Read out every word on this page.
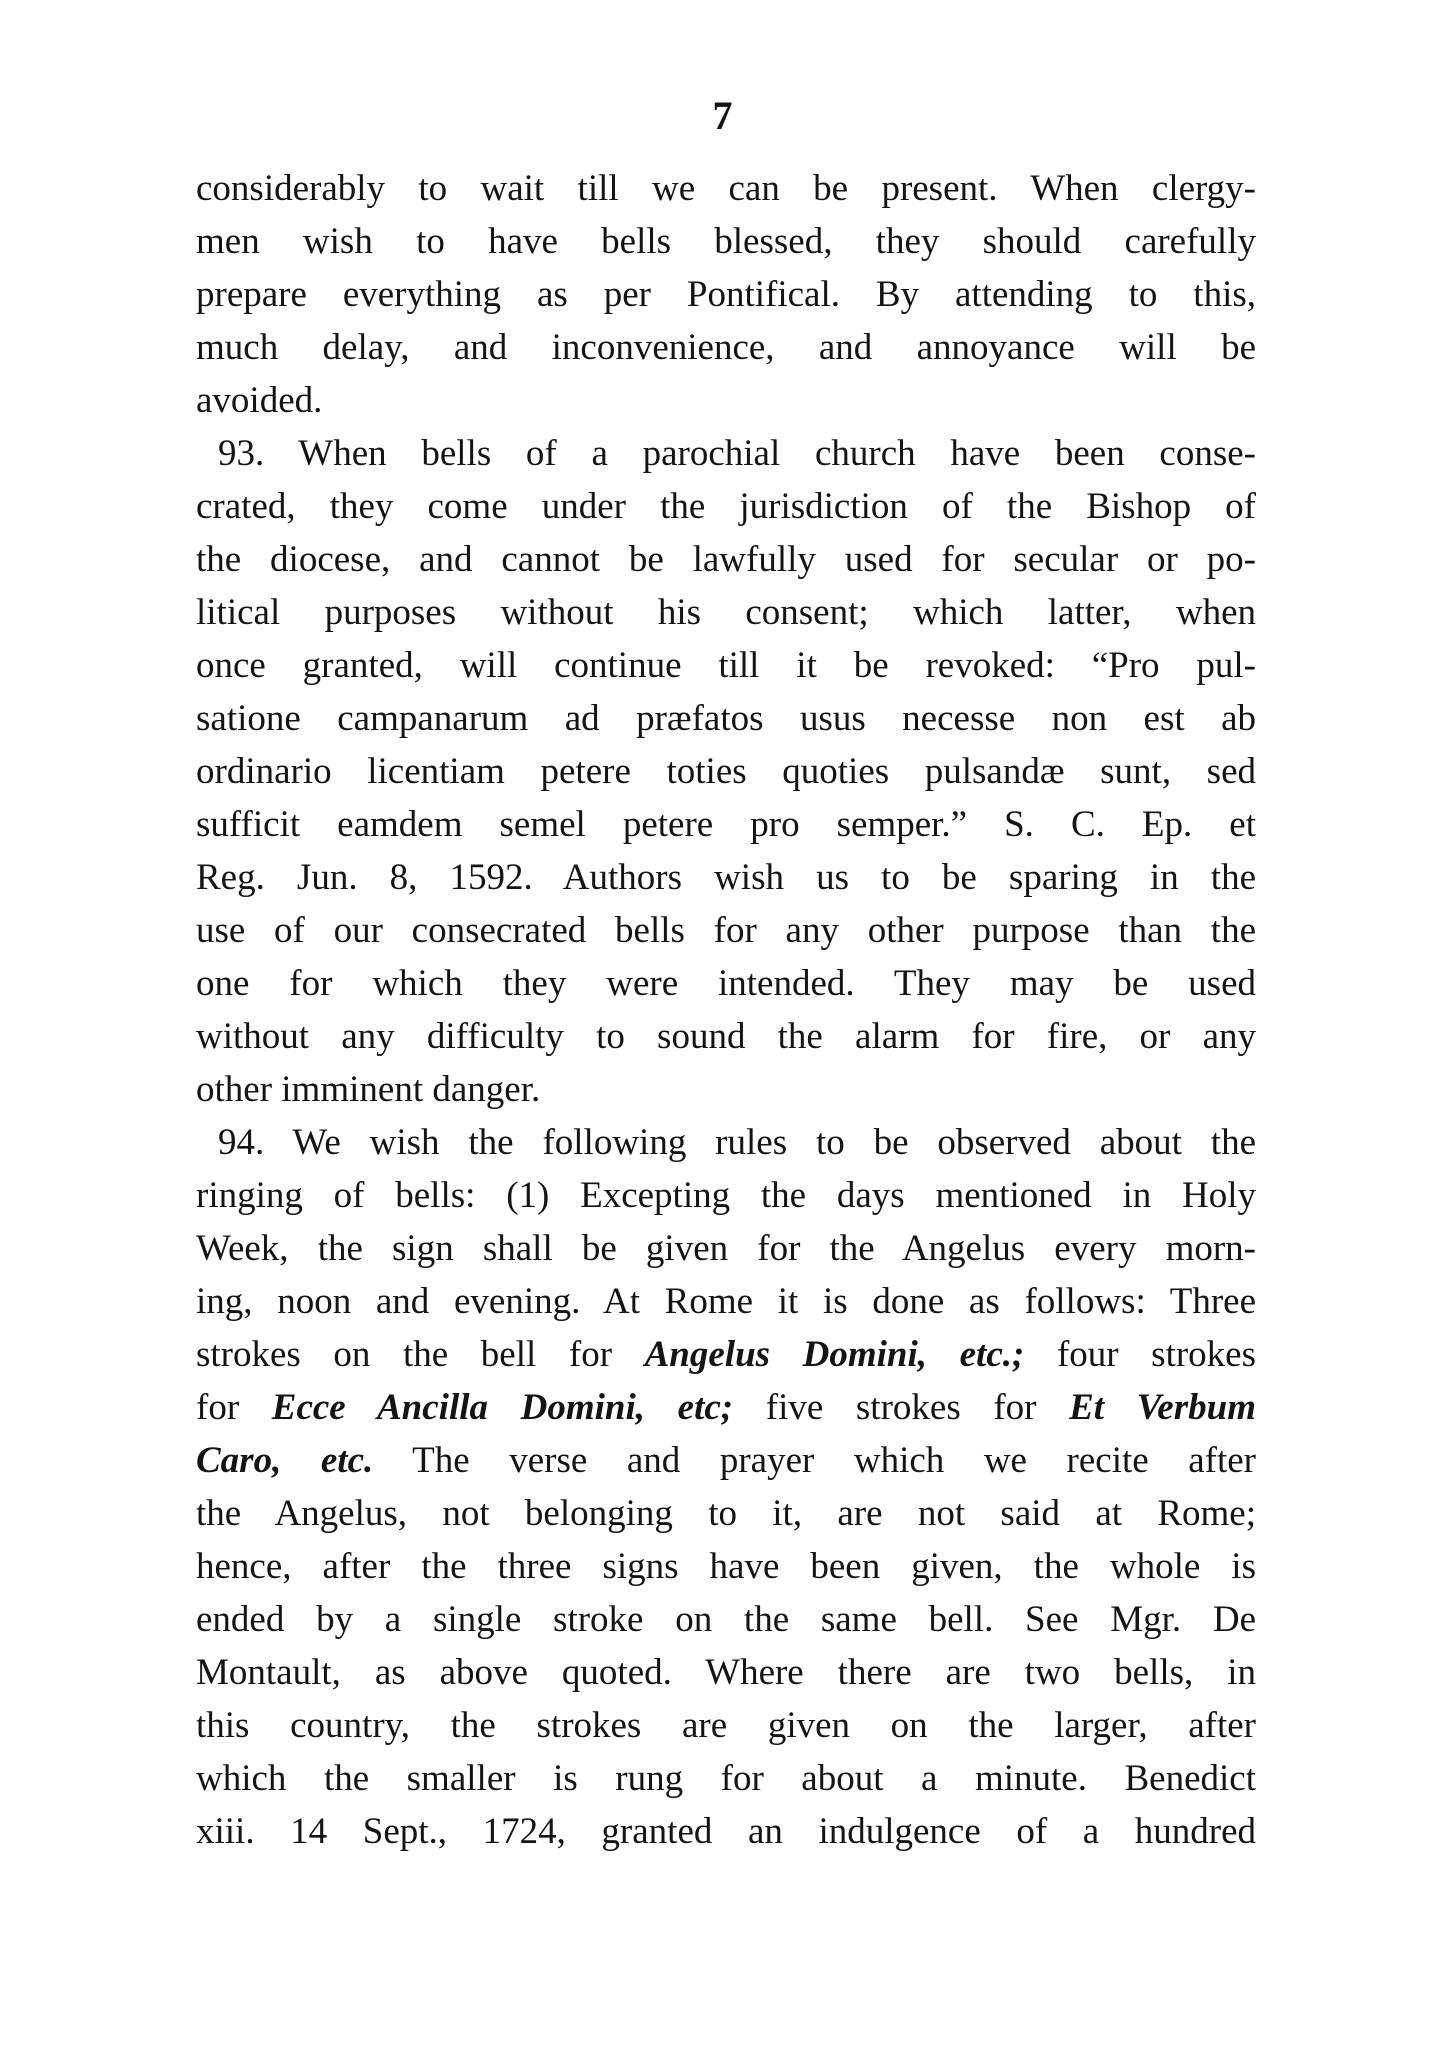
7
considerably to wait till we can be present. When clergy-
men wish to have bells blessed, they should carefully
prepare everything as per Pontifical. By attending to this,
much delay, and inconvenience, and annoyance will be
avoided.
93. When bells of a parochial church have been conse-
crated, they come under the jurisdiction of the Bishop of
the diocese, and cannot be lawfully used for secular or po-
litical purposes without his consent; which latter, when
once granted, will continue till it be revoked: “Pro pul-
satione campanarum ad præfatos usus necesse non est ab
ordinario licentiam petere toties quoties pulsandæ sunt, sed
sufficit eamdem semel petere pro semper.” S. C. Ep. et
Reg. Jun. 8, 1592. Authors wish us to be sparing in the
use of our consecrated bells for any other purpose than the
one for which they were intended. They may be used
without any difficulty to sound the alarm for fire, or any
other imminent danger.
94. We wish the following rules to be observed about the
ringing of bells: (1) Excepting the days mentioned in Holy
Week, the sign shall be given for the Angelus every morn-
ing, noon and evening. At Rome it is done as follows: Three
strokes on the bell for Angelus Domini, etc.; four strokes
for Ecce Ancilla Domini, etc; five strokes for Et Verbum
Caro, etc. The verse and prayer which we recite after
the Angelus, not belonging to it, are not said at Rome;
hence, after the three signs have been given, the whole is
ended by a single stroke on the same bell. See Mgr. De
Montault, as above quoted. Where there are two bells, in
this country, the strokes are given on the larger, after
which the smaller is rung for about a minute. Benedict
xiii. 14 Sept., 1724, granted an indulgence of a hundred
